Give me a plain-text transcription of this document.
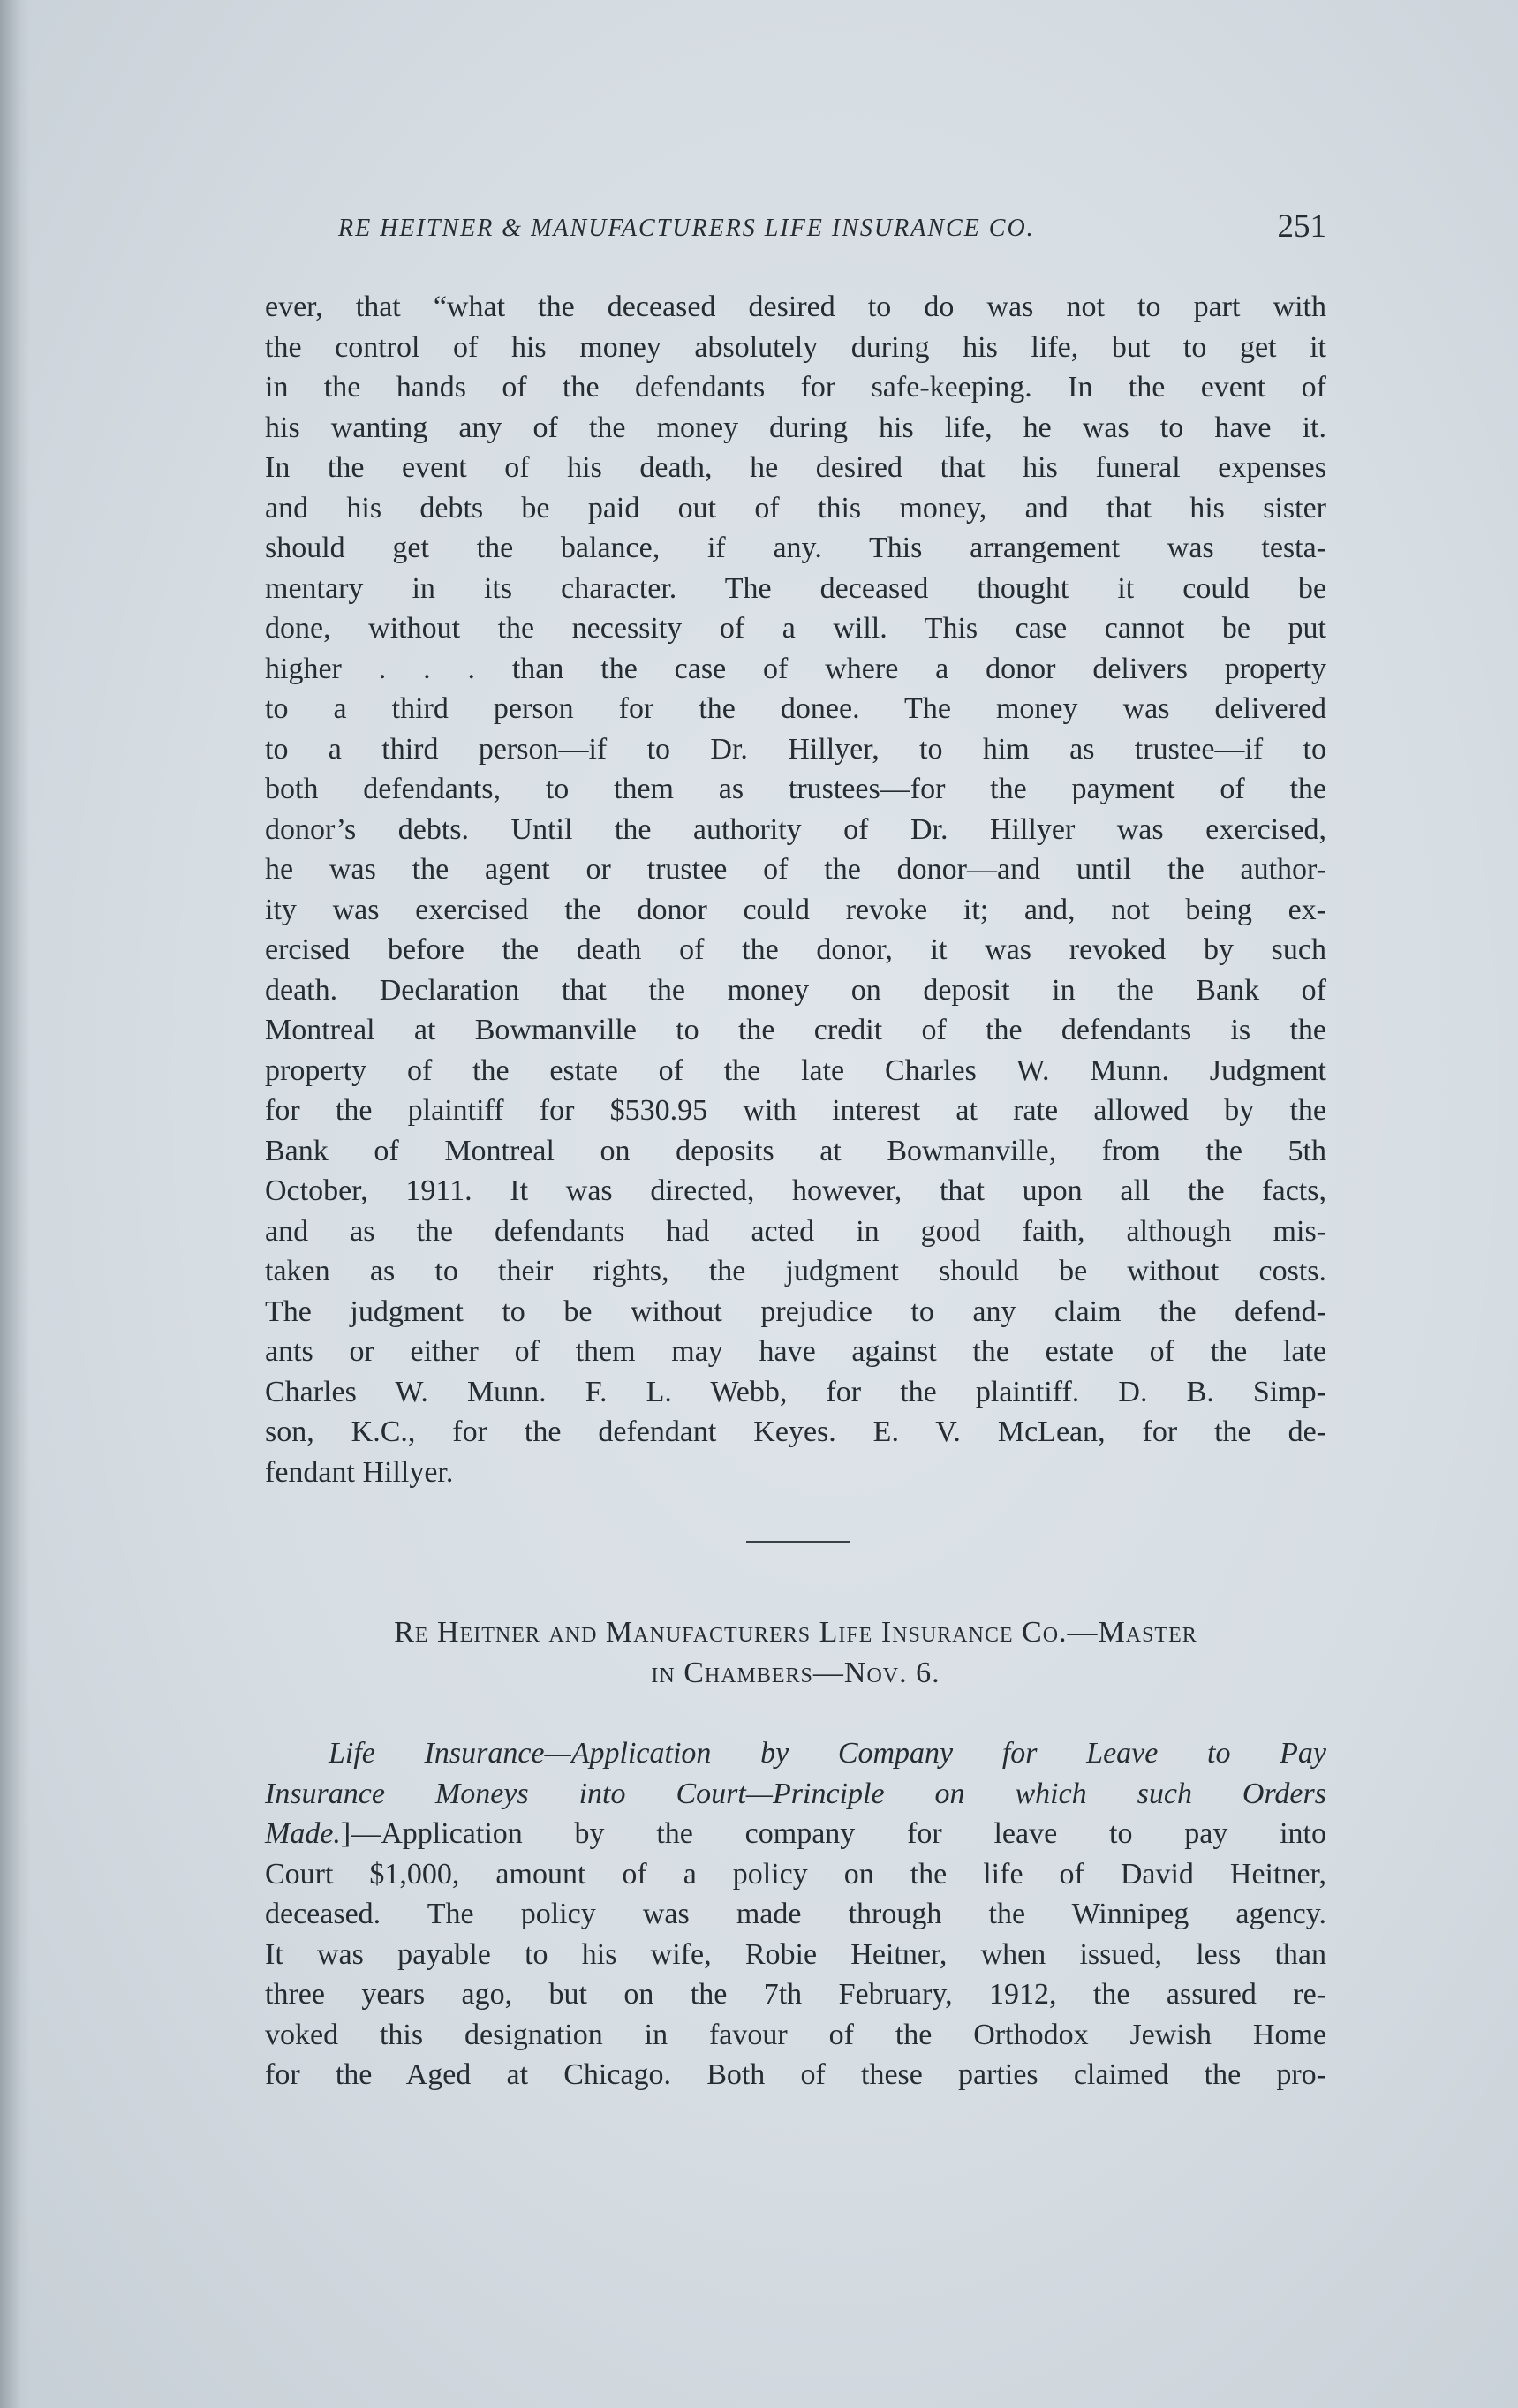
RE HEITNER & MANUFACTURERS LIFE INSURANCE CO.	251
ever, that “what the deceased desired to do was not to part with
the control of his money absolutely during his life, but to get it
in the hands of the defendants for safe-keeping. In the event of
his wanting any of the money during his life, he was to have it.
In the event of his death, he desired that his funeral expenses
and his debts be paid out of this money, and that his sister
should get the balance, if any. This arrangement was testa-
mentary in its character. The deceased thought it could be
done, without the necessity of a will. This case cannot be put
higher . . . than the case of where a donor delivers property
to a third person for the donee. The money was delivered
to a third person—if to Dr. Hillyer, to him as trustee—if to
both defendants, to them as trustees—for the payment of the
donor’s debts. Until the authority of Dr. Hillyer was exercised,
he was the agent or trustee of the donor—and until the author-
ity was exercised the donor could revoke it; and, not being ex-
ercised before the death of the donor, it was revoked by such
death. Declaration that the money on deposit in the Bank of
Montreal at Bowmanville to the credit of the defendants is the
property of the estate of the late Charles W. Munn. Judgment
for the plaintiff for $530.95 with interest at rate allowed by the
Bank of Montreal on deposits at Bowmanville, from the 5th
October, 1911. It was directed, however, that upon all the facts,
and as the defendants had acted in good faith, although mis-
taken as to their rights, the judgment should be without costs.
The judgment to be without prejudice to any claim the defend-
ants or either of them may have against the estate of the late
Charles W. Munn. F. L. Webb, for the plaintiff. D. B. Simp-
son, K.C., for the defendant Keyes. E. V. McLean, for the de-
fendant Hillyer.
Re Heitner and Manufacturers Life Insurance Co.—Master
in Chambers—Nov. 6.
Life Insurance—Application by Company for Leave to Pay
Insurance Moneys into Court—Principle on which such Orders
Made.]—Application by the company for leave to pay into
Court $1,000, amount of a policy on the life of David Heitner,
deceased. The policy was made through the Winnipeg agency.
It was payable to his wife, Robie Heitner, when issued, less than
three years ago, but on the 7th February, 1912, the assured re-
voked this designation in favour of the Orthodox Jewish Home
for the Aged at Chicago. Both of these parties claimed the pro-
